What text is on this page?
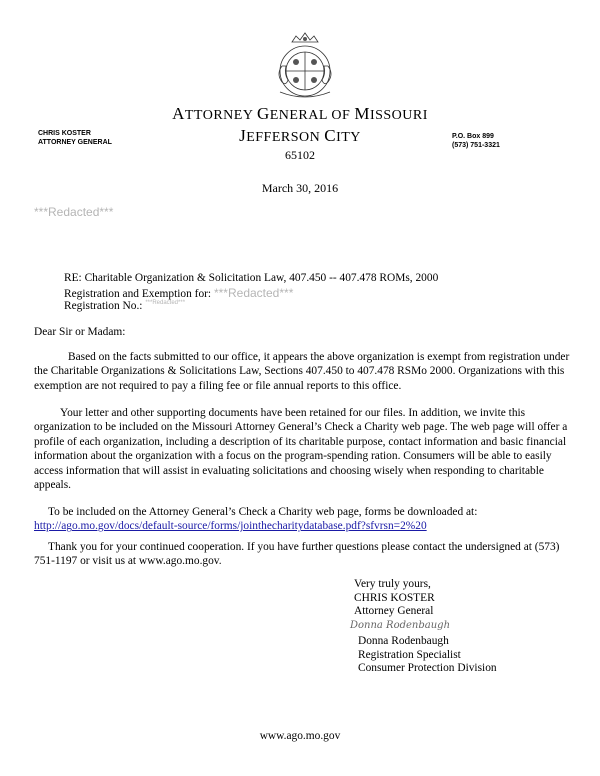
ATTORNEY GENERAL OF MISSOURI
JEFFERSON CITY
65102
CHRIS KOSTER
ATTORNEY GENERAL
P.O. Box 899
(573) 751-3321
March 30, 2016
***Redacted***
RE: Charitable Organization & Solicitation Law, 407.450 -- 407.478 ROMs, 2000
Registration and Exemption for: ***Redacted***
Registration No.: $^{***Redacted***}$
Dear Sir or Madam:
Based on the facts submitted to our office, it appears the above organization is exempt from registration under the Charitable Organizations & Solicitations Law, Sections 407.450 to 407.478 RSMo 2000. Organizations with this exemption are not required to pay a filing fee or file annual reports to this office.
Your letter and other supporting documents have been retained for our files. In addition, we invite this organization to be included on the Missouri Attorney General’s Check a Charity web page. The web page will offer a profile of each organization, including a description of its charitable purpose, contact information and basic financial information about the organization with a focus on the program-spending ration. Consumers will be able to easily access information that will assist in evaluating solicitations and choosing wisely when responding to charitable appeals.
To be included on the Attorney General’s Check a Charity web page, forms be downloaded at:
http://ago.mo.gov/docs/default-source/forms/jointhecharitydatabase.pdf?sfvrsn=2%20
Thank you for your continued cooperation. If you have further questions please contact the undersigned at (573) 751-1197 or visit us at www.ago.mo.gov.
Very truly yours,
CHRIS KOSTER
Attorney General
Donna Rodenbaugh
Donna Rodenbaugh
Registration Specialist
Consumer Protection Division
www.ago.mo.gov
